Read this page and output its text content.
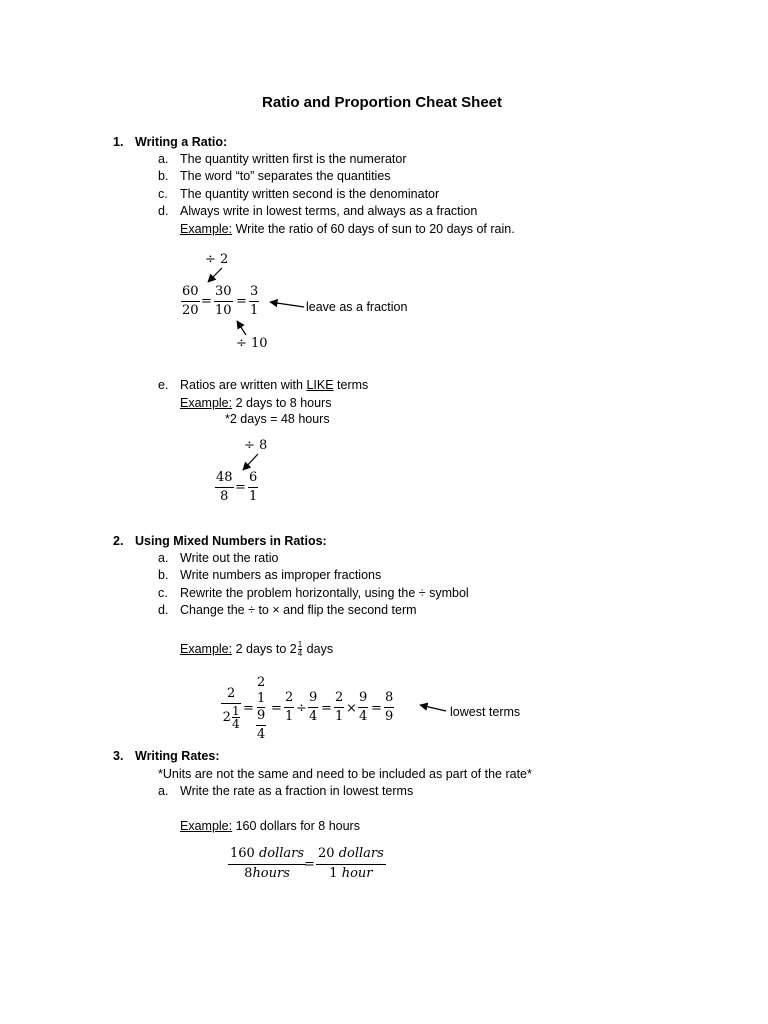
Ratio and Proportion Cheat Sheet
1. Writing a Ratio:
a. The quantity written first is the numerator
b. The word “to” separates the quantities
c. The quantity written second is the denominator
d. Always write in lowest terms, and always as a fraction
Example: Write the ratio of 60 days of sun to 20 days of rain.
÷ 2
$\frac{60}{20} = \frac{30}{10} = \frac{3}{1}$	leave as a fraction
÷ 10
e. Ratios are written with LIKE terms
Example: 2 days to 8 hours
*2 days = 48 hours
÷ 8
$\frac{48}{8} = \frac{6}{1}$
2. Using Mixed Numbers in Ratios:
a. Write out the ratio
b. Write numbers as improper fractions
c. Rewrite the problem horizontally, using the ÷ symbol
d. Change the ÷ to × and flip the second term
Example: 2 days to $2 \frac{1}{4}$ days
$\frac{2}{2 \frac{1}{4}} = 2$
1
9
$4 = \frac{2}{1} \div \frac{9}{4} = \frac{2}{1} \times \frac{9}{4} = \frac{8}{9}$	lowest terms
3. Writing Rates:
*Units are not the same and need to be included as part of the rate*
a. Write the rate as a fraction in lowest terms
Example: 160 dollars for 8 hours
160 dollars
8hours
=
20 dollars
1 hour
